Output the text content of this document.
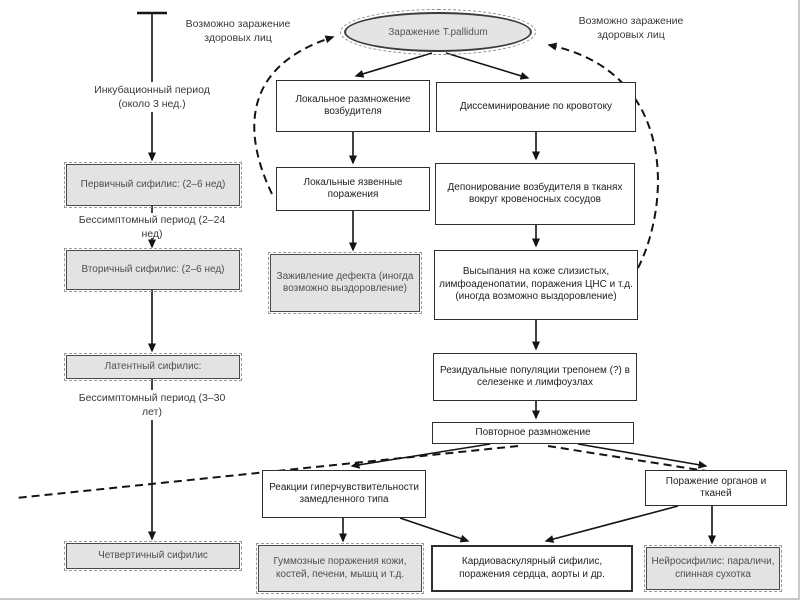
Заражение T.pallidum
Возможно заражение здоровых лиц
Возможно заражение здоровых лиц
Инкубационный период (около 3 нед.)
Бессимптомный период (2–24 нед)
Бессимптомный период (3–30 лет)
Первичный сифилис: (2–6 нед)
Вторичный сифилис: (2–6 нед)
Латентный сифилис:
Четвертичный сифилис
Локальное размножение возбудителя
Локальные язвенные поражения
Заживление дефекта (иногда возможно выздоровление)
Диссеминирование по кровотоку
Депонирование возбудителя в тканях вокруг кровеносных сосудов
Высыпания на коже слизистых, лимфоаденопатии, поражения ЦНС и т.д. (иногда возможно выздоровление)
Резидуальные популяции трепонем (?) в селезенке и лимфоузлах
Повторное размножение
Реакции гиперчувствительности замедленного типа
Поражение органов и тканей
Гуммозные поражения кожи, костей, печени, мышц и т.д.
Кардиоваскулярный сифилис, поражения сердца, аорты и др.
Нейросифилис: параличи, спинная сухотка
